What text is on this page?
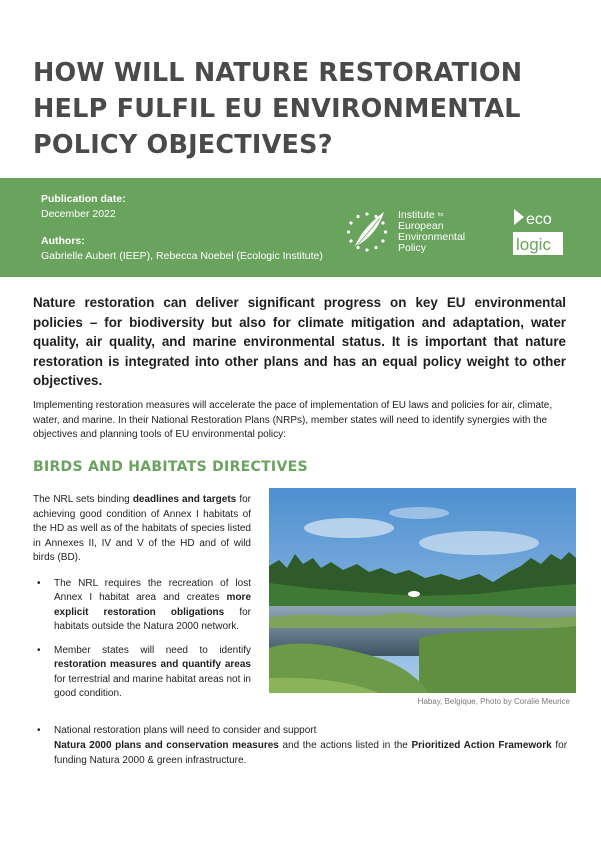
HOW WILL NATURE RESTORATION
HELP FULFIL EU ENVIRONMENTAL
POLICY OBJECTIVES?
Publication date:
December 2022
Authors:
Gabrielle Aubert (IEEP), Rebecca Noebel (Ecologic Institute)
Institute $^{for}$
European
Environmental
Policy
eco
logic

Nature restoration can deliver significant progress on key EU environmental policies – for biodiversity but also for climate mitigation and adaptation, water quality, air quality, and marine environmental status. It is important that nature restoration is integrated into other plans and has an equal policy weight to other objectives.

Implementing restoration measures will accelerate the pace of implementation of EU laws and policies for air, climate, water, and marine. In their National Restoration Plans (NRPs), member states will need to identify synergies with the objectives and planning tools of EU environmental policy:

BIRDS AND HABITATS DIRECTIVES

The NRL sets binding deadlines and targets for achieving good condition of Annex I habitats of the HD as well as of the habitats of species listed in Annexes II, IV and V of the HD and of wild birds (BD).

• The NRL requires the recreation of lost Annex I habitat area and creates more explicit restoration obligations for habitats outside the Natura 2000 network.
• Member states will need to identify restoration measures and quantify areas for terrestrial and marine habitat areas not in good condition.
Habay, Belgique, Photo by Coralie Meurice
• National restoration plans will need to consider and support
Natura 2000 plans and conservation measures and the actions listed in the Prioritized Action Framework for funding Natura 2000 & green infrastructure.
